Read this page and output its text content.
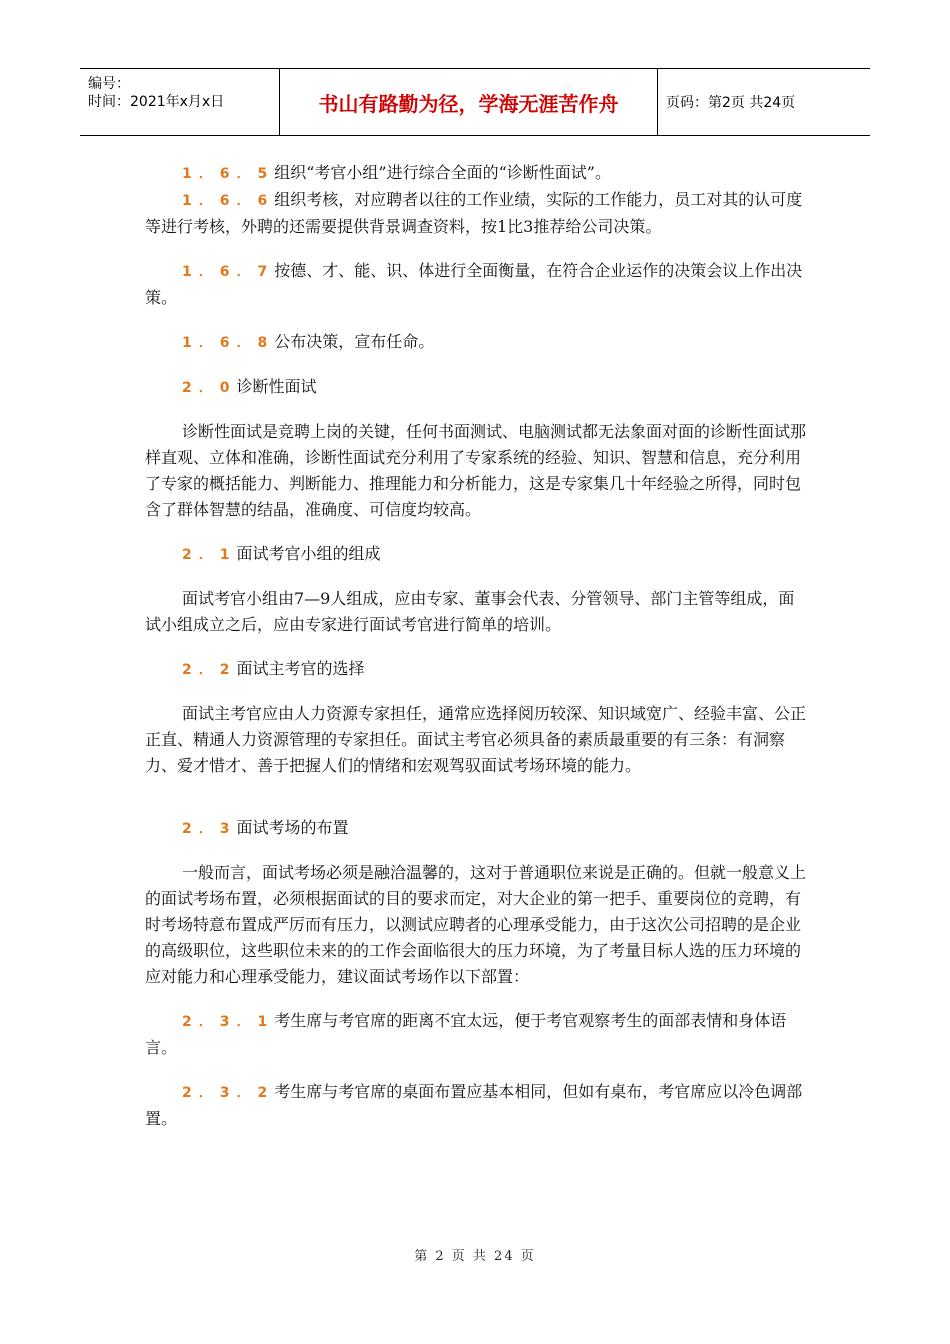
编号：
时间：2021年x月x日	书山有路勤为径，学海无涯苦作舟	页码：第2页 共24页

1．6．5组织“考官小组”进行综合全面的“诊断性面试”。

1．6．6组织考核，对应聘者以往的工作业绩，实际的工作能力，员工对其的认可度等进行考核，外聘的还需要提供背景调查资料，按1比3推荐给公司决策。

1．6．7按德、才、能、识、体进行全面衡量，在符合企业运作的决策会议上作出决策。

1．6．8公布决策，宣布任命。

2．0诊断性面试

诊断性面试是竞聘上岗的关键，任何书面测试、电脑测试都无法象面对面的诊断性面试那样直观、立体和准确，诊断性面试充分利用了专家系统的经验、知识、智慧和信息，充分利用了专家的概括能力、判断能力、推理能力和分析能力，这是专家集几十年经验之所得，同时包含了群体智慧的结晶，准确度、可信度均较高。

2．1面试考官小组的组成

面试考官小组由7—9人组成，应由专家、董事会代表、分管领导、部门主管等组成，面试小组成立之后，应由专家进行面试考官进行简单的培训。

2．2面试主考官的选择

面试主考官应由人力资源专家担任，通常应选择阅历较深、知识域宽广、经验丰富、公正正直、精通人力资源管理的专家担任。面试主考官必须具备的素质最重要的有三条：有洞察力、爱才惜才、善于把握人们的情绪和宏观驾驭面试考场环境的能力。

2．3面试考场的布置

一般而言，面试考场必须是融洽温馨的，这对于普通职位来说是正确的。但就一般意义上的面试考场布置，必须根据面试的目的要求而定，对大企业的第一把手、重要岗位的竞聘，有时考场特意布置成严厉而有压力，以测试应聘者的心理承受能力，由于这次公司招聘的是企业的高级职位，这些职位未来的的工作会面临很大的压力环境，为了考量目标人选的压力环境的应对能力和心理承受能力，建议面试考场作以下部置：

2．3．1考生席与考官席的距离不宜太远，便于考官观察考生的面部表情和身体语言。

2．3．2考生席与考官席的桌面布置应基本相同，但如有桌布，考官席应以冷色调部置。

第 2 页 共 24 页
